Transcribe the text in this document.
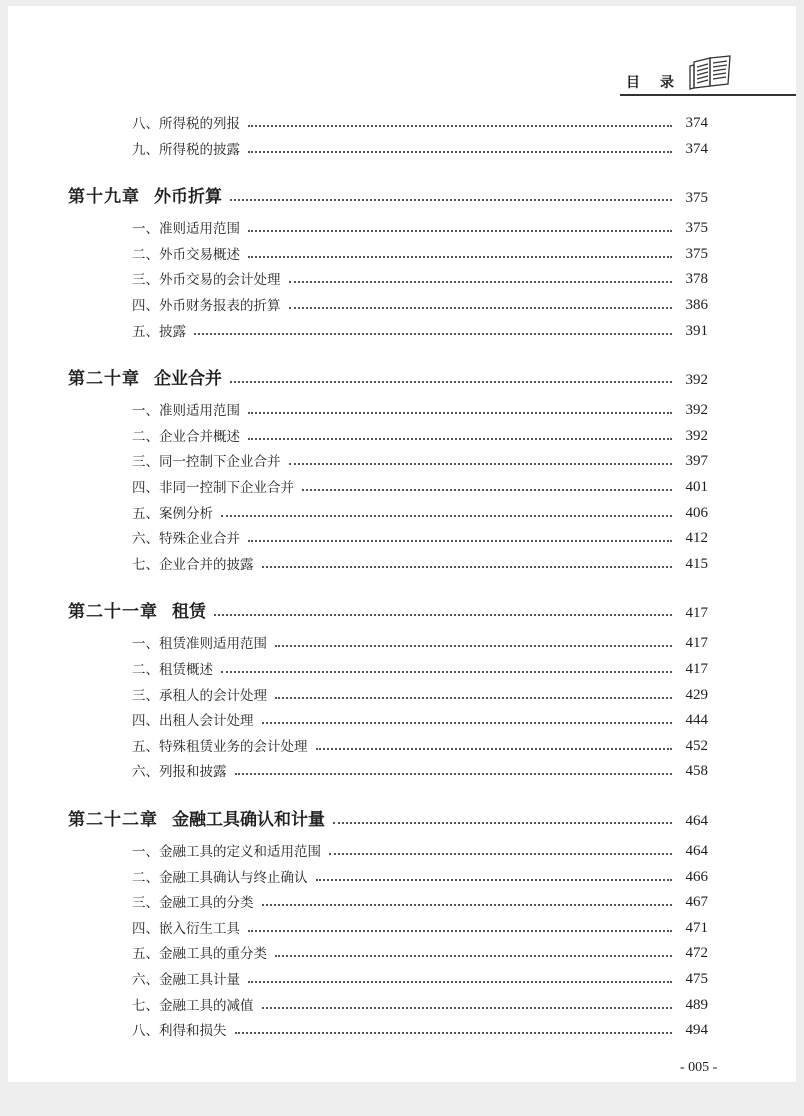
目录
八、所得税的列报	374
九、所得税的披露	374
第十九章 外币折算	375
一、准则适用范围	375
二、外币交易概述	375
三、外币交易的会计处理	378
四、外币财务报表的折算	386
五、披露	391
第二十章 企业合并	392
一、准则适用范围	392
二、企业合并概述	392
三、同一控制下企业合并	397
四、非同一控制下企业合并	401
五、案例分析	406
六、特殊企业合并	412
七、企业合并的披露	415
第二十一章 租赁	417
一、租赁准则适用范围	417
二、租赁概述	417
三、承租人的会计处理	429
四、出租人会计处理	444
五、特殊租赁业务的会计处理	452
六、列报和披露	458
第二十二章 金融工具确认和计量	464
一、金融工具的定义和适用范围	464
二、金融工具确认与终止确认	466
三、金融工具的分类	467
四、嵌入衍生工具	471
五、金融工具的重分类	472
六、金融工具计量	475
七、金融工具的减值	489
八、利得和损失	494
- 005 -
